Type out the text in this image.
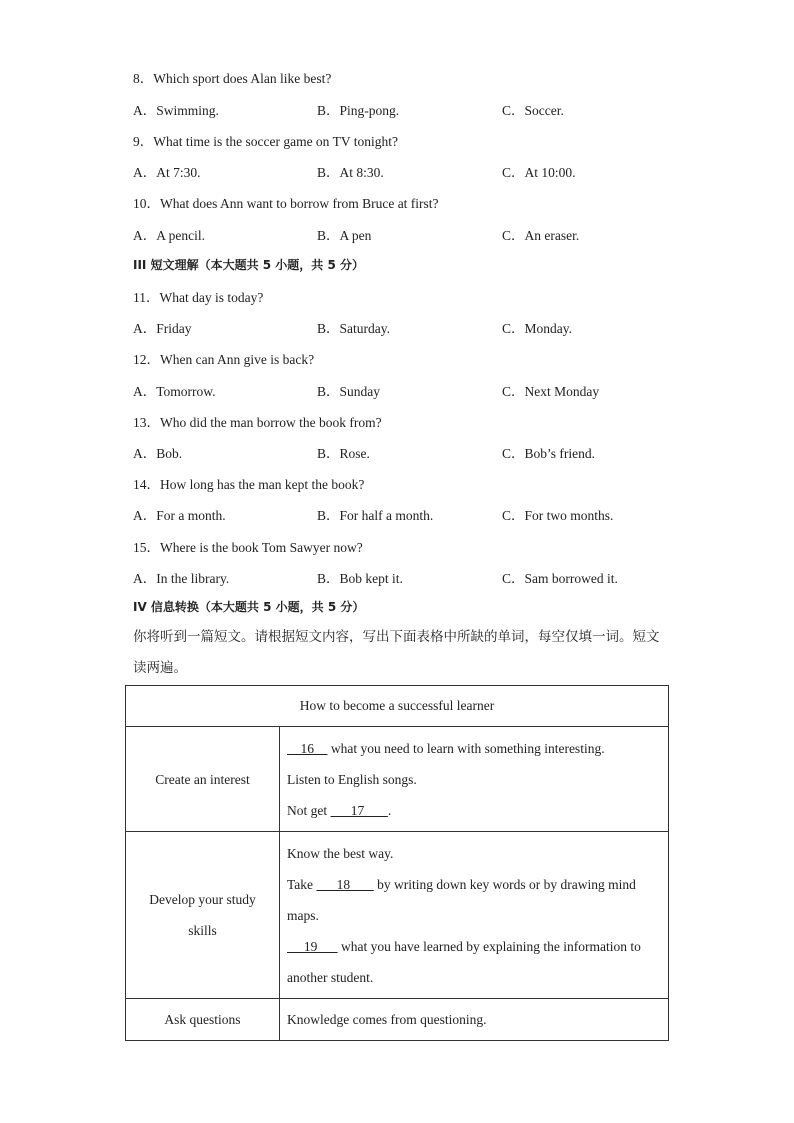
8．Which sport does Alan like best?
A．Swimming.	B．Ping-pong.	C．Soccer.
9．What time is the soccer game on TV tonight?
A．At 7:30.	B．At 8:30.	C．At 10:00.
10．What does Ann want to borrow from Bruce at first?
A．A pencil.	B．A pen	C．An eraser.
III 短文理解（本大题共 5 小题，共 5 分）
11．What day is today?
A．Friday	B．Saturday.	C．Monday.
12．When can Ann give is back?
A．Tomorrow.	B．Sunday	C．Next Monday
13．Who did the man borrow the book from?
A．Bob.	B．Rose.	C．Bob’s friend.
14．How long has the man kept the book?
A．For a month.	B．For half a month.	C．For two months.
15．Where is the book Tom Sawyer now?
A．In the library.	B．Bob kept it.	C．Sam borrowed it.
IV 信息转换（本大题共 5 小题，共 5 分）
你将听到一篇短文。请根据短文内容，写出下面表格中所缺的单词，每空仅填一词。短文读两遍。
How to become a successful learner	
Create an interest	16     what you need to learn with something interesting.
Listen to English songs.
Not get       17       .

Develop your study skills	Know the best way.
Take       18        by writing down key words or by drawing mind maps.
19       what you have learned by explaining the information to another student.

Ask questions	Knowledge comes from questioning.
